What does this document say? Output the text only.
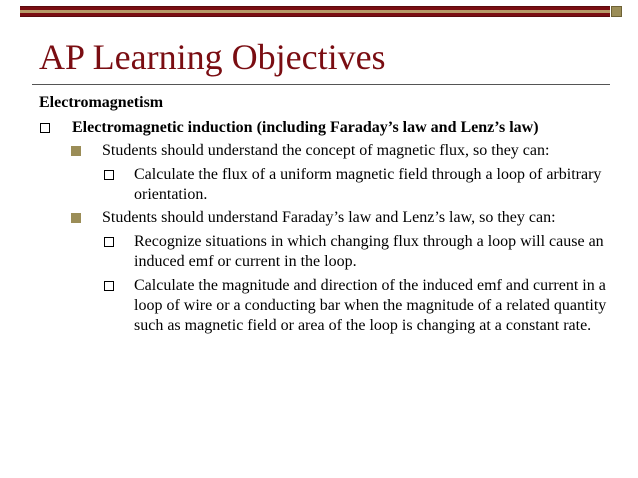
AP Learning Objectives

Electromagnetism

Electromagnetic induction (including Faraday’s law and Lenz’s law)
Students should understand the concept of magnetic flux, so they can:
Calculate the flux of a uniform magnetic field through a loop of arbitrary orientation.
Students should understand Faraday’s law and Lenz’s law, so they can:
Recognize situations in which changing flux through a loop will cause an induced emf or current in the loop.
Calculate the magnitude and direction of the induced emf and current in a loop of wire or a conducting bar when the magnitude of a related quantity such as magnetic field or area of the loop is changing at a constant rate.
